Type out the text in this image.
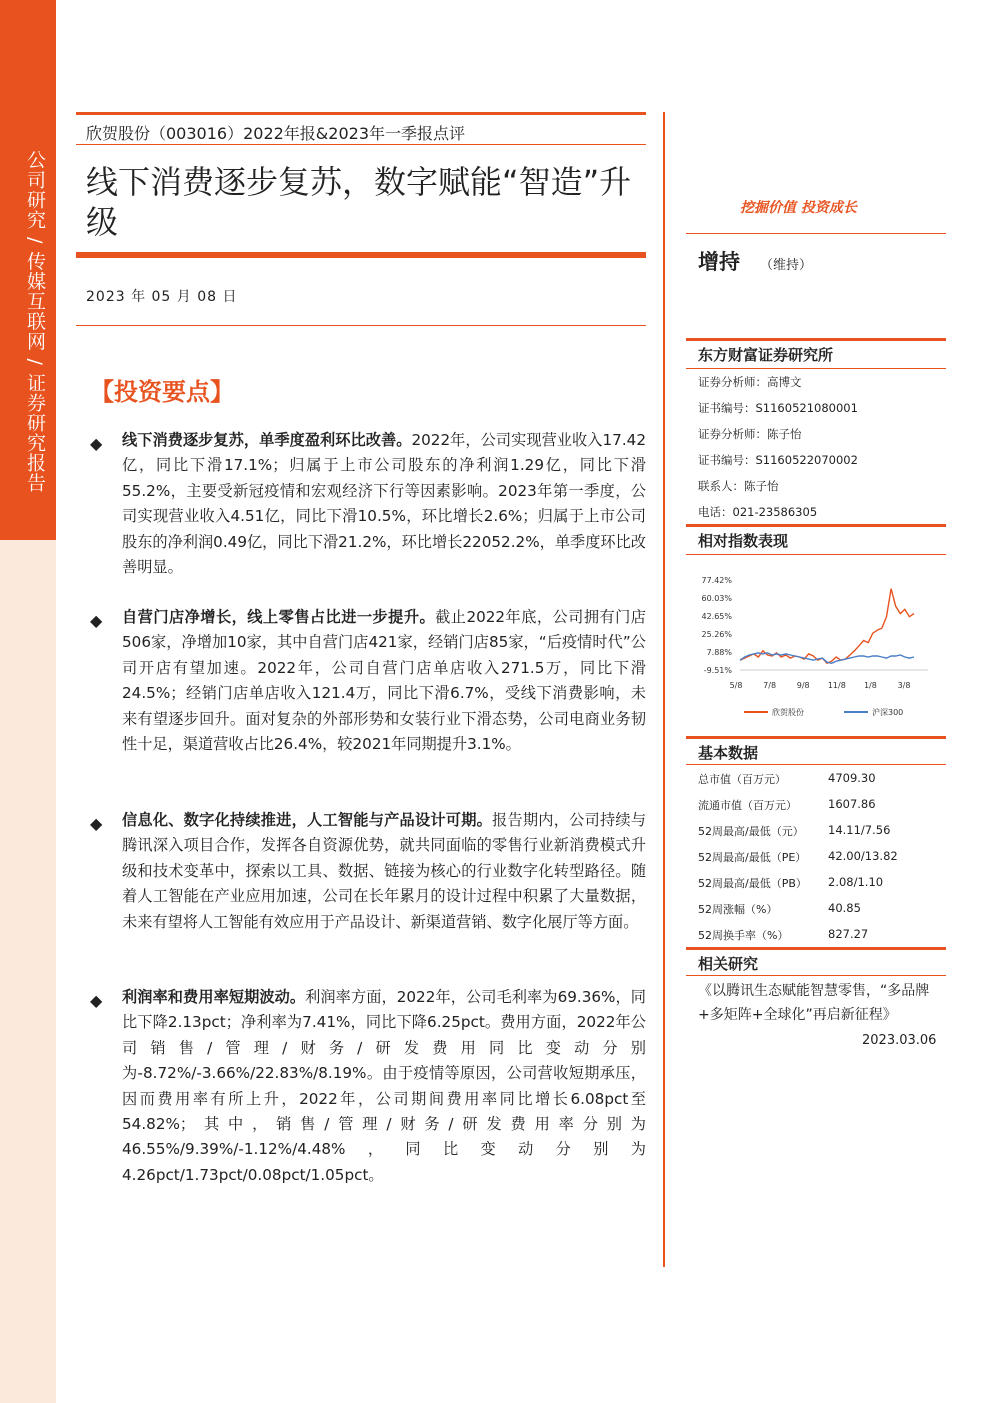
公司研究 / 传媒互联网 / 证券研究报告
欣贺股份（003016）2022年报&2023年一季报点评
线下消费逐步复苏，数字赋能“智造”升级
2023 年 05 月 08 日
【投资要点】
◆ 线下消费逐步复苏，单季度盈利环比改善。2022年，公司实现营业收入17.42亿，同比下滑17.1%；归属于上市公司股东的净利润1.29亿，同比下滑55.2%，主要受新冠疫情和宏观经济下行等因素影响。2023年第一季度，公司实现营业收入4.51亿，同比下滑10.5%，环比增长2.6%；归属于上市公司股东的净利润0.49亿，同比下滑21.2%，环比增长22052.2%，单季度环比改善明显。

◆ 自营门店净增长，线上零售占比进一步提升。截止2022年底，公司拥有门店506家，净增加10家，其中自营门店421家，经销门店85家，“后疫情时代”公司开店有望加速。2022年，公司自营门店单店收入271.5万，同比下滑24.5%；经销门店单店收入121.4万，同比下滑6.7%，受线下消费影响，未来有望逐步回升。面对复杂的外部形势和女装行业下滑态势，公司电商业务韧性十足，渠道营收占比26.4%，较2021年同期提升3.1%。

◆ 信息化、数字化持续推进，人工智能与产品设计可期。报告期内，公司持续与腾讯深入项目合作，发挥各自资源优势，就共同面临的零售行业新消费模式升级和技术变革中，探索以工具、数据、链接为核心的行业数字化转型路径。随着人工智能在产业应用加速，公司在长年累月的设计过程中积累了大量数据，未来有望将人工智能有效应用于产品设计、新渠道营销、数字化展厅等方面。

◆ 利润率和费用率短期波动。利润率方面，2022年，公司毛利率为69.36%，同比下降2.13pct；净利率为7.41%，同比下降6.25pct。费用方面，2022年公司销售/管理/财务/研发费用同比变动分别为-8.72%/-3.66%/22.83%/8.19%。由于疫情等原因，公司营收短期承压，因而费用率有所上升，2022年，公司期间费用率同比增长6.08pct至54.82%；其中，销售/管理/财务/研发费用率分别为46.55%/9.39%/-1.12%/4.48%，同比变动分别为4.26pct/1.73pct/0.08pct/1.05pct。

挖掘价值 投资成长
增持 （维持）
东方财富证券研究所
证券分析师：高博文
证书编号：S1160521080001
证券分析师：陈子怡
证书编号：S1160522070002
联系人：陈子怡
电话：021-23586305
相对指数表现
77.42%
60.03%
42.65%
25.26%
7.88%
-9.51%
5/8	7/8	9/8 11/8 1/8	3/8
欣贺股份	沪深300
基本数据
总市值（百万元）	4709.30
流通市值（百万元）	1607.86
52周最高/最低（元） 14.11/7.56
52周最高/最低（PE） 42.00/13.82
52周最高/最低（PB） 2.08/1.10
52周涨幅（%）	40.85
52周换手率（%）	827.27
相关研究
《以腾讯生态赋能智慧零售，“多品牌+多矩阵+全球化”再启新征程》
2023.03.06
